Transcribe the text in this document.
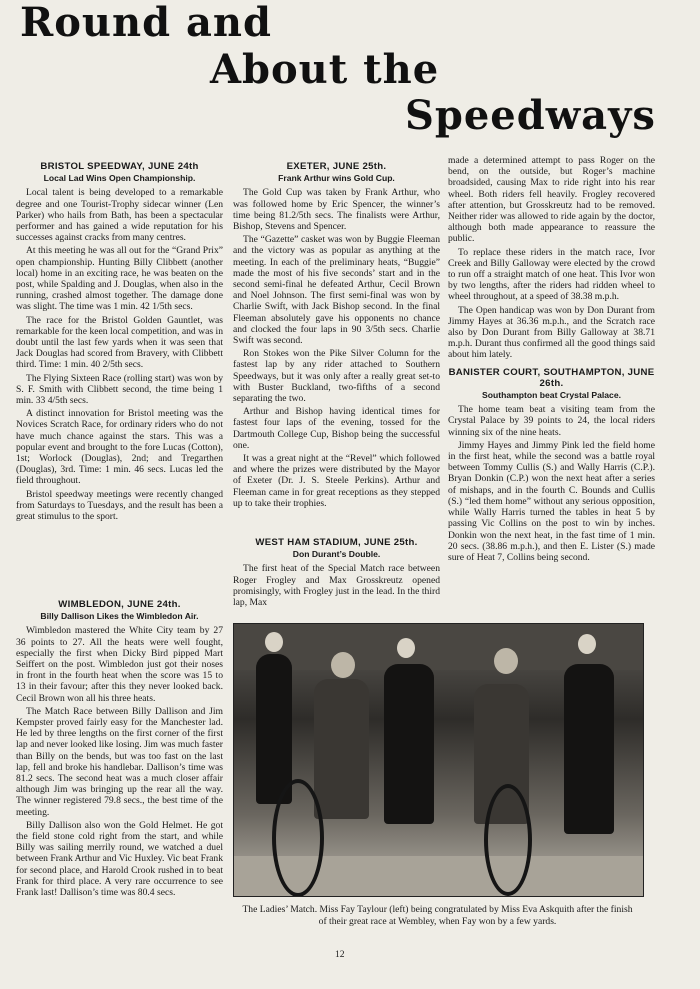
Round and
About the
Speedways
BRISTOL SPEEDWAY, JUNE 24th
Local Lad Wins Open Championship.

Local talent is being developed to a remarkable degree and one Tourist-Trophy sidecar winner (Len Parker) who hails from Bath, has been a spectacular performer and has gained a wide reputation for his successes against cracks from many centres.

At this meeting he was all out for the “Grand Prix” open championship. Hunting Billy Clibbett (another local) home in an exciting race, he was beaten on the post, while Spalding and J. Douglas, when also in the running, crashed almost together. The damage done was slight. The time was 1 min. 42 1/5th secs.

The race for the Bristol Golden Gauntlet, was remarkable for the keen local competition, and was in doubt until the last few yards when it was seen that Jack Douglas had scored from Bravery, with Clibbett third. Time: 1 min. 40 2/5th secs.

The Flying Sixteen Race (rolling start) was won by S. F. Smith with Clibbett second, the time being 1 min. 33 4/5th secs.

A distinct innovation for Bristol meeting was the Novices Scratch Race, for ordinary riders who do not have much chance against the stars. This was a popular event and brought to the fore Lucas (Cotton), 1st; Worlock (Douglas), 2nd; and Tregarthen (Douglas), 3rd. Time: 1 min. 46 secs. Lucas led the field throughout.

Bristol speedway meetings were recently changed from Saturdays to Tuesdays, and the result has been a great stimulus to the sport.

WIMBLEDON, JUNE 24th.
Billy Dallison Likes the Wimbledon Air.

Wimbledon mastered the White City team by 27 36 points to 27. All the heats were well fought, especially the first when Dicky Bird pipped Mart Seiffert on the post. Wimbledon just got their noses in front in the fourth heat when the score was 15 to 13 in their favour; after this they never looked back. Cecil Brown won all his three heats.

The Match Race between Billy Dallison and Jim Kempster proved fairly easy for the Manchester lad. He led by three lengths on the first corner of the first lap and never looked like losing. Jim was much faster than Billy on the bends, but was too fast on the last lap, fell and broke his handlebar. Dallison’s time was 81.2 secs. The second heat was a much closer affair although Jim was bringing up the rear all the way. The winner registered 79.8 secs., the best time of the meeting.

Billy Dallison also won the Gold Helmet. He got the field stone cold right from the start, and while Billy was sailing merrily round, we watched a duel between Frank Arthur and Vic Huxley. Vic beat Frank for second place, and Harold Crook rushed in to beat Frank for third place. A very rare occurrence to see Frank last! Dallison’s time was 80.4 secs.

EXETER, JUNE 25th.
Frank Arthur wins Gold Cup.

The Gold Cup was taken by Frank Arthur, who was followed home by Eric Spencer, the winner’s time being 81.2/5th secs. The finalists were Arthur, Bishop, Stevens and Spencer.

The “Gazette” casket was won by Buggie Fleeman and the victory was as popular as anything at the meeting. In each of the preliminary heats, “Buggie” made the most of his five seconds’ start and in the second semi-final he defeated Arthur, Cecil Brown and Noel Johnson. The first semi-final was won by Charlie Swift, with Jack Bishop second. In the final Fleeman absolutely gave his opponents no chance and clocked the four laps in 90 3/5th secs. Charlie Swift was second.

Ron Stokes won the Pike Silver Column for the fastest lap by any rider attached to Southern Speedways, but it was only after a really great set-to with Buster Buckland, two-fifths of a second separating the two.

Arthur and Bishop having identical times for fastest four laps of the evening, tossed for the Dartmouth College Cup, Bishop being the successful one.

It was a great night at the “Revel” which followed and where the prizes were distributed by the Mayor of Exeter (Dr. J. S. Steele Perkins). Arthur and Fleeman came in for great receptions as they stepped up to take their trophies.

WEST HAM STADIUM, JUNE 25th.
Don Durant’s Double.

The first heat of the Special Match race between Roger Frogley and Max Grosskreutz opened promisingly, with Frogley just in the lead. In the third lap, Max

made a determined attempt to pass Roger on the bend, on the outside, but Roger’s machine broadsided, causing Max to ride right into his rear wheel. Both riders fell heavily. Frogley recovered after attention, but Grosskreutz had to be removed. Neither rider was allowed to ride again by the doctor, although both made appearance to reassure the public.

To replace these riders in the match race, Ivor Creek and Billy Galloway were elected by the crowd to run off a straight match of one heat. This Ivor won by two lengths, after the riders had ridden wheel to wheel throughout, at a speed of 38.38 m.p.h.

The Open handicap was won by Don Durant from Jimmy Hayes at 36.36 m.p.h., and the Scratch race also by Don Durant from Billy Galloway at 38.71 m.p.h. Durant thus confirmed all the good things said about him lately.

BANISTER COURT, SOUTHAMPTON, JUNE 26th.
Southampton beat Crystal Palace.

The home team beat a visiting team from the Crystal Palace by 39 points to 24, the local riders winning six of the nine heats.

Jimmy Hayes and Jimmy Pink led the field home in the first heat, while the second was a battle royal between Tommy Cullis (S.) and Wally Harris (C.P.). Bryan Donkin (C.P.) won the next heat after a series of mishaps, and in the fourth C. Bounds and Cullis (S.) “led them home” without any serious opposition, while Wally Harris turned the tables in heat 5 by passing Vic Collins on the post to win by inches. Donkin won the next heat, in the fast time of 1 min. 20 secs. (38.86 m.p.h.), and then E. Lister (S.) made sure of Heat 7, Collins being second.

The Ladies’ Match. Miss Fay Taylour (left) being congratulated by Miss Eva Askquith after the finish of their great race at Wembley, when Fay won by a few yards.
12
